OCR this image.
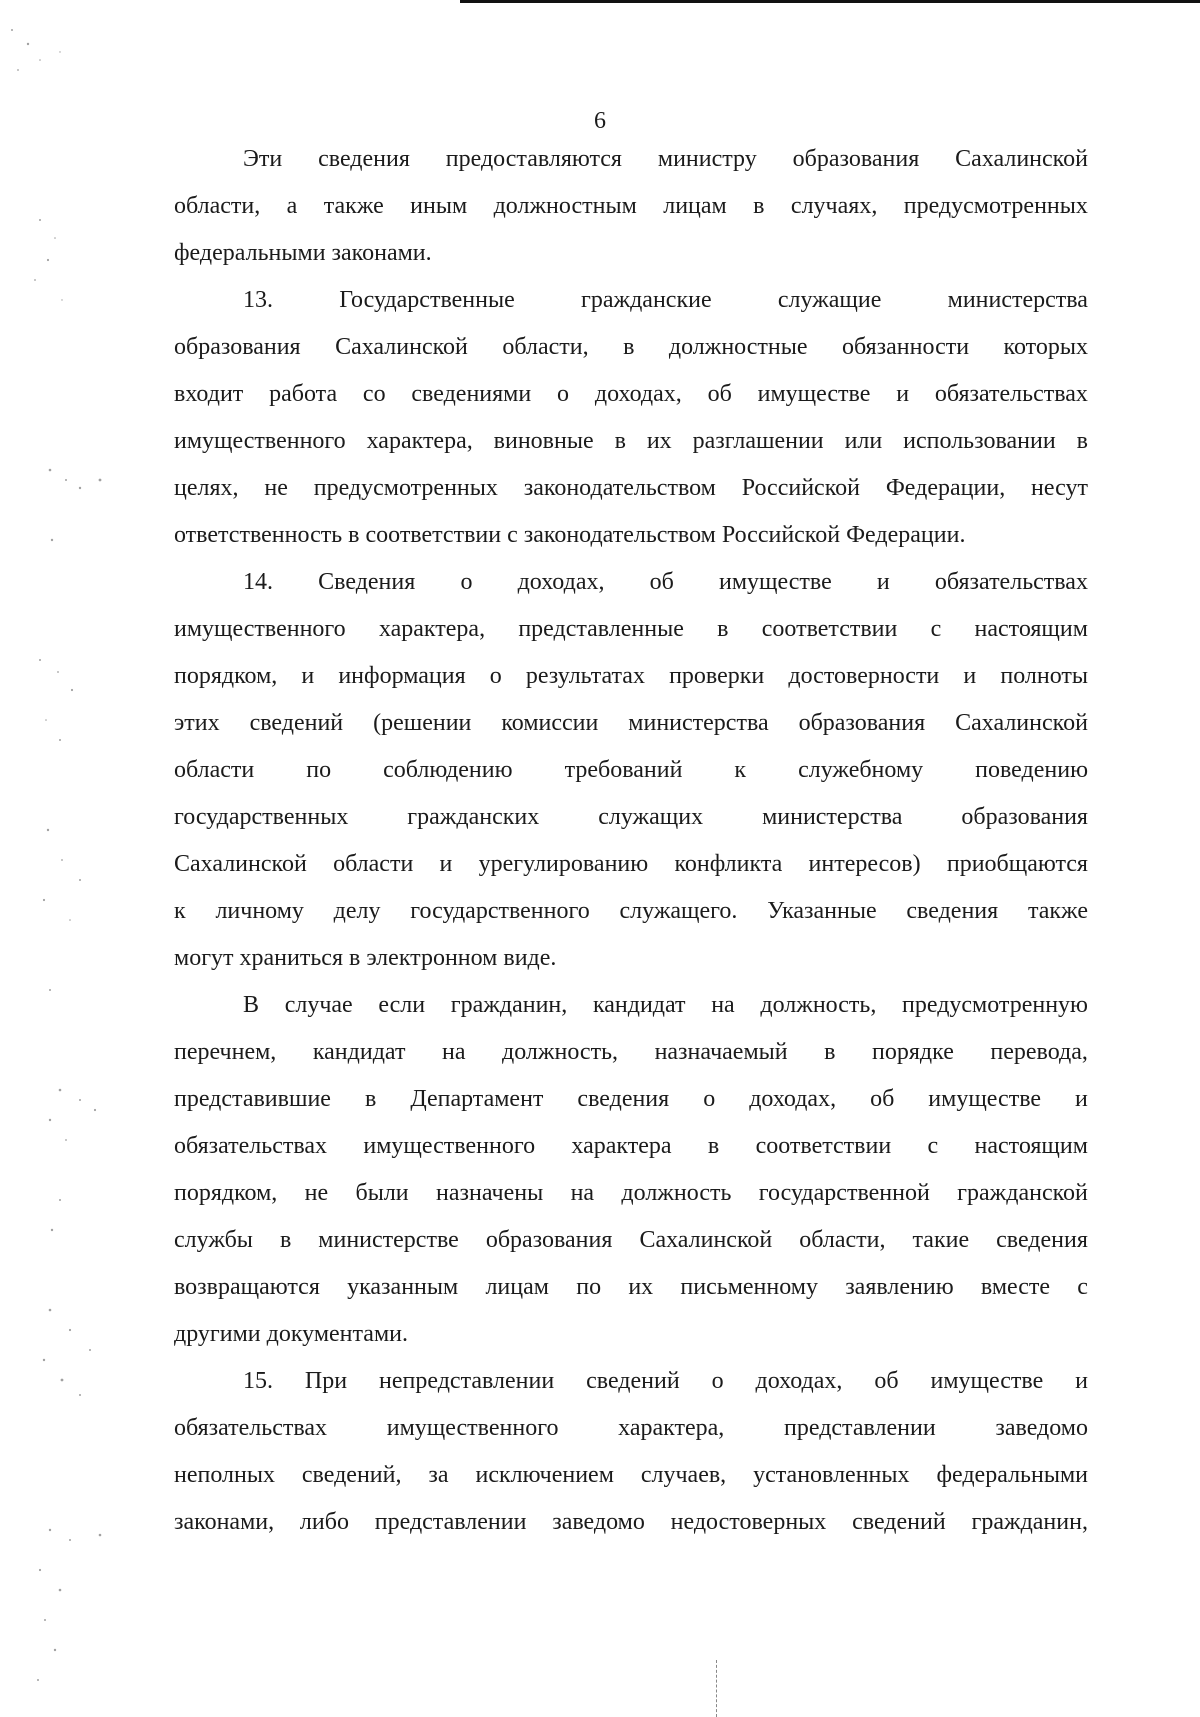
6
Эти сведения предоставляются министру образования Сахалинской
области, а также иным должностным лицам в случаях, предусмотренных
федеральными законами.
13.	Государственные	гражданские	служащие	министерства
образования Сахалинской области, в должностные обязанности которых
входит работа со сведениями о доходах, об имуществе и обязательствах
имущественного характера, виновные в их разглашении или использовании в
целях, не предусмотренных законодательством Российской Федерации, несут
ответственность в соответствии с законодательством Российской Федерации.
14. Сведения о доходах, об имуществе и обязательствах
имущественного характера, представленные в соответствии с настоящим
порядком, и информация о результатах проверки достоверности и полноты
этих сведений (решении комиссии министерства образования Сахалинской
области по соблюдению требований к служебному поведению
государственных гражданских служащих министерства образования
Сахалинской области и урегулированию конфликта интересов) приобщаются
к личному делу государственного служащего. Указанные сведения также
могут храниться в электронном виде.
В случае если гражданин, кандидат на должность, предусмотренную
перечнем, кандидат на должность, назначаемый в порядке перевода,
представившие в Департамент сведения о доходах, об имуществе и
обязательствах имущественного характера в соответствии с настоящим
порядком, не были назначены на должность государственной гражданской
службы в министерстве образования Сахалинской области, такие сведения
возвращаются указанным лицам по их письменному заявлению вместе с
другими документами.
15. При непредставлении сведений о доходах, об имуществе и
обязательствах имущественного характера, представлении заведомо
неполных сведений, за исключением случаев, установленных федеральными
законами, либо представлении заведомо недостоверных сведений гражданин,
